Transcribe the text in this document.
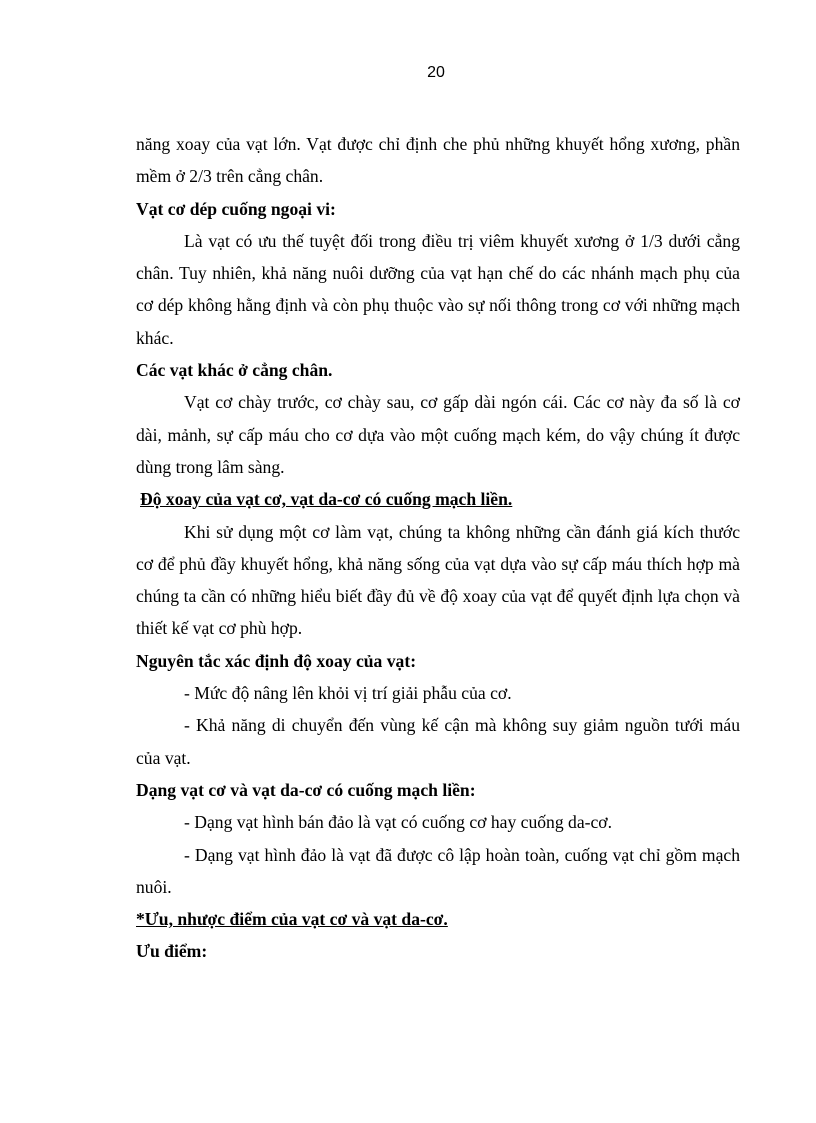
20

năng xoay của vạt lớn. Vạt được chỉ định che phủ những khuyết hổng xương, phần mềm ở 2/3 trên cẳng chân.

Vạt cơ dép cuống ngoại vi:

Là vạt có ưu thế tuyệt đối trong điều trị viêm khuyết xương ở 1/3 dưới cẳng chân. Tuy nhiên, khả năng nuôi dưỡng của vạt hạn chế do các nhánh mạch phụ của cơ dép không hằng định và còn phụ thuộc vào sự nối thông trong cơ với những mạch khác.

Các vạt khác ở cẳng chân.

Vạt cơ chày trước, cơ chày sau, cơ gấp dài ngón cái. Các cơ này đa số là cơ dài, mảnh, sự cấp máu cho cơ dựa vào một cuống mạch kém, do vậy chúng ít được dùng trong lâm sàng.

Độ xoay của vạt cơ, vạt da-cơ có cuống mạch liền.

Khi sử dụng một cơ làm vạt, chúng ta không những cần đánh giá kích thước cơ để phủ đầy khuyết hổng, khả năng sống của vạt dựa vào sự cấp máu thích hợp mà chúng ta cần có những hiểu biết đầy đủ về độ xoay của vạt để quyết định lựa chọn và thiết kế vạt cơ phù hợp.

Nguyên tắc xác định độ xoay của vạt:

- Mức độ nâng lên khỏi vị trí giải phẫu của cơ.

- Khả năng di chuyển đến vùng kế cận mà không suy giảm nguồn tưới máu của vạt.

Dạng vạt cơ và vạt da-cơ có cuống mạch liền:

- Dạng vạt hình bán đảo là vạt có cuống cơ hay cuống da-cơ.

- Dạng vạt hình đảo là vạt đã được cô lập hoàn toàn, cuống vạt chỉ gồm mạch nuôi.

*Ưu, nhược điểm của vạt cơ và vạt da-cơ.

Ưu điểm:
